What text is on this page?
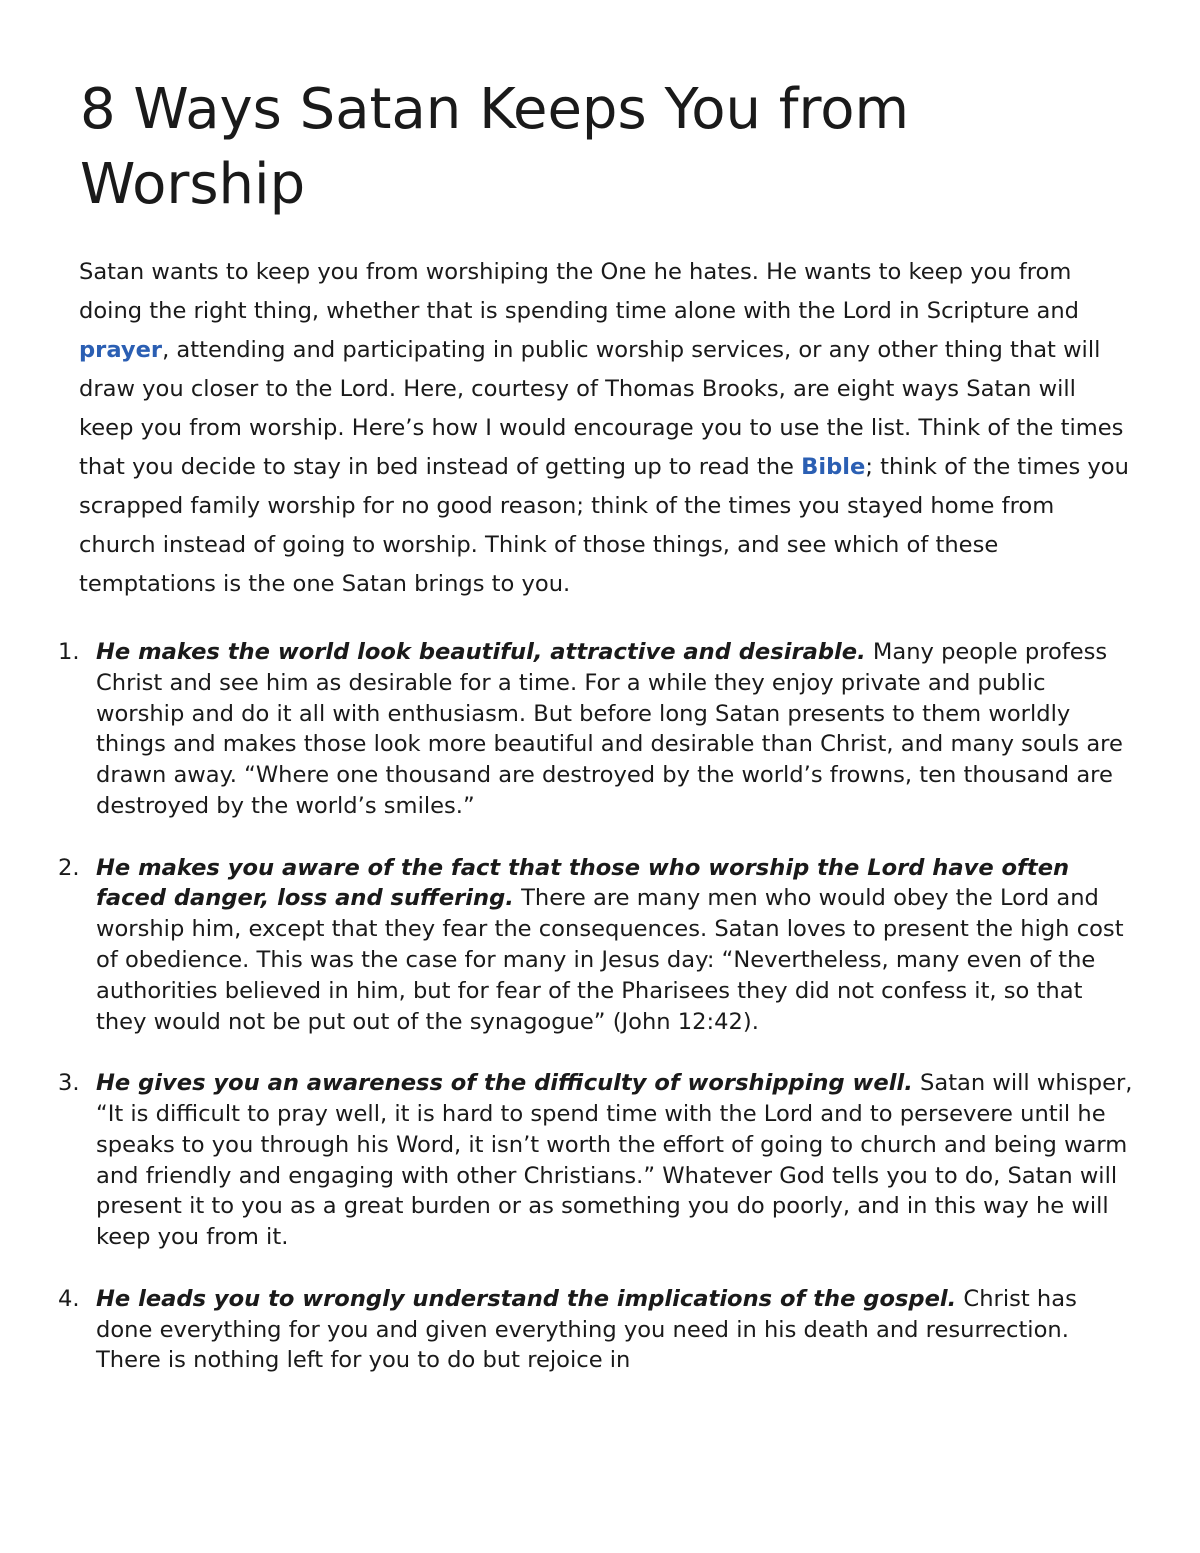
8 Ways Satan Keeps You from Worship

Satan wants to keep you from worshiping the One he hates. He wants to keep you from doing the right thing, whether that is spending time alone with the Lord in Scripture and prayer, attending and participating in public worship services, or any other thing that will draw you closer to the Lord. Here, courtesy of Thomas Brooks, are eight ways Satan will keep you from worship. Here’s how I would encourage you to use the list. Think of the times that you decide to stay in bed instead of getting up to read the Bible; think of the times you scrapped family worship for no good reason; think of the times you stayed home from church instead of going to worship. Think of those things, and see which of these temptations is the one Satan brings to you.

1. He makes the world look beautiful, attractive and desirable. Many people profess Christ and see him as desirable for a time. For a while they enjoy private and public worship and do it all with enthusiasm. But before long Satan presents to them worldly things and makes those look more beautiful and desirable than Christ, and many souls are drawn away. “Where one thousand are destroyed by the world’s frowns, ten thousand are destroyed by the world’s smiles.”
2. He makes you aware of the fact that those who worship the Lord have often faced danger, loss and suffering. There are many men who would obey the Lord and worship him, except that they fear the consequences. Satan loves to present the high cost of obedience. This was the case for many in Jesus day: “Nevertheless, many even of the authorities believed in him, but for fear of the Pharisees they did not confess it, so that they would not be put out of the synagogue” (John 12:42).
3. He gives you an awareness of the difficulty of worshipping well. Satan will whisper, “It is difficult to pray well, it is hard to spend time with the Lord and to persevere until he speaks to you through his Word, it isn’t worth the effort of going to church and being warm and friendly and engaging with other Christians.” Whatever God tells you to do, Satan will present it to you as a great burden or as something you do poorly, and in this way he will keep you from it.
4. He leads you to wrongly understand the implications of the gospel. Christ has done everything for you and given everything you need in his death and resurrection. There is nothing left for you to do but rejoice in
